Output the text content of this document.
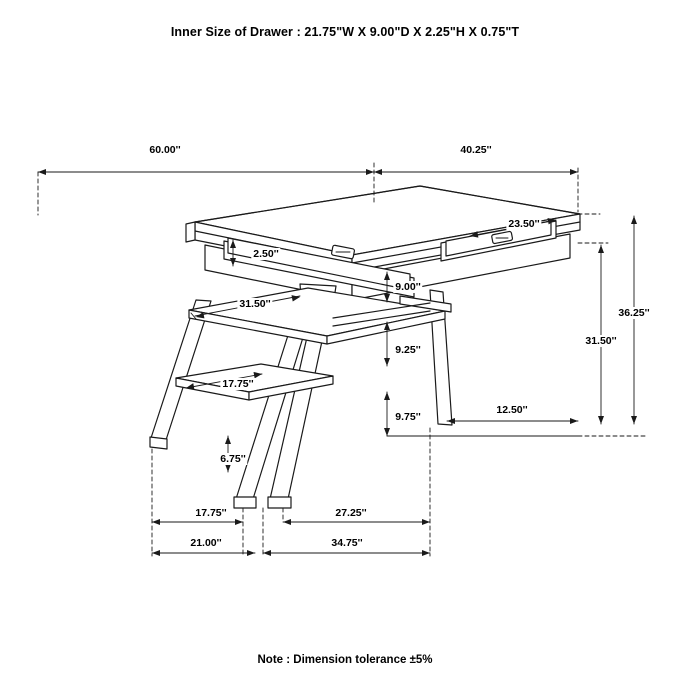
Inner Size of Drawer : 21.75"W X 9.00"D X 2.25"H X 0.75"T
60.00''	40.25''
23.50''
2.50''
31.50''
9.00''
9.25''
17.75''
9.75''
12.50''
6.75''
17.75''	27.25''
21.00''	34.75''
31.50''
36.25''
Note : Dimension tolerance ±5%
